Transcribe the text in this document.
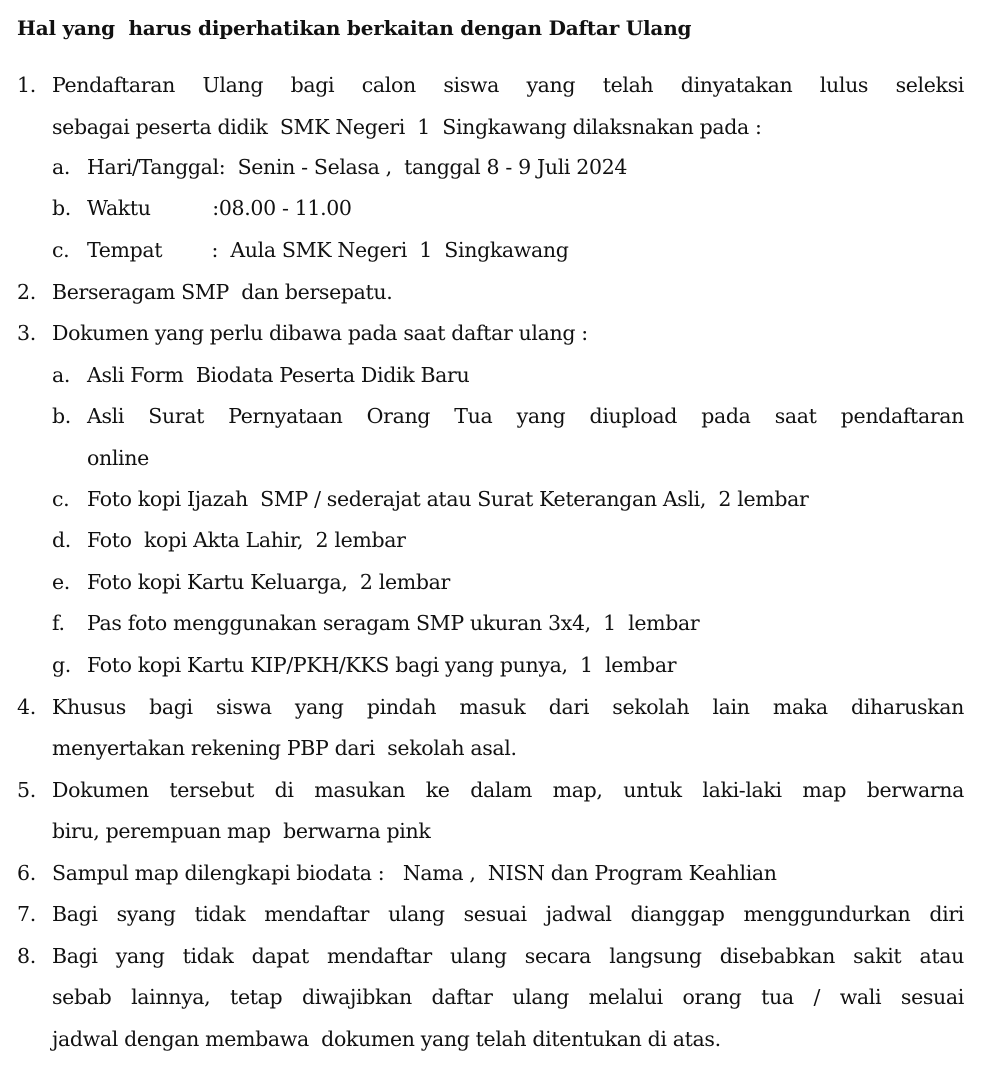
Hal yang  harus diperhatikan berkaitan dengan Daftar Ulang
1. Pendaftaran Ulang bagi calon siswa yang telah dinyatakan lulus seleksi
sebagai peserta didik  SMK Negeri  1  Singkawang dilaksnakan pada :
a. Hari/Tanggal:  Senin - Selasa ,  tanggal 8 - 9 Juli 2024
b. Waktu          :08.00 - 11.00
c. Tempat        :  Aula SMK Negeri  1  Singkawang
2. Berseragam SMP  dan bersepatu.
3. Dokumen yang perlu dibawa pada saat daftar ulang :
a. Asli Form  Biodata Peserta Didik Baru
b. Asli Surat Pernyataan Orang Tua yang diupload pada saat pendaftaran
online
c. Foto kopi Ijazah  SMP / sederajat atau Surat Keterangan Asli,  2 lembar
d. Foto  kopi Akta Lahir,  2 lembar
e. Foto kopi Kartu Keluarga,  2 lembar
f. Pas foto menggunakan seragam SMP ukuran 3x4,  1  lembar
g. Foto kopi Kartu KIP/PKH/KKS bagi yang punya,  1  lembar
4. Khusus bagi siswa yang pindah masuk dari sekolah lain maka diharuskan
menyertakan rekening PBP dari  sekolah asal.
5. Dokumen tersebut di masukan ke dalam map, untuk laki-laki map berwarna
biru, perempuan map  berwarna pink
6. Sampul map dilengkapi biodata :   Nama ,  NISN dan Program Keahlian
7. Bagi syang tidak mendaftar ulang sesuai jadwal dianggap menggundurkan diri
8. Bagi yang tidak dapat mendaftar ulang secara langsung disebabkan sakit atau
sebab lainnya, tetap diwajibkan daftar ulang melalui orang tua / wali sesuai
jadwal dengan membawa  dokumen yang telah ditentukan di atas.
